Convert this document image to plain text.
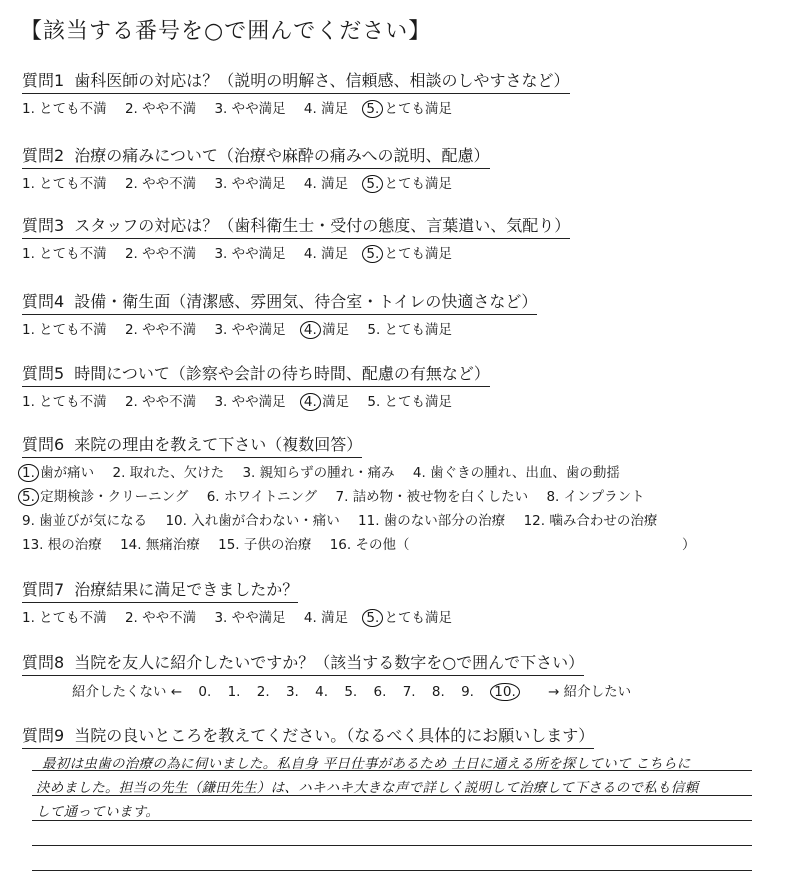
【該当する番号を○で囲んでください】
質問1 歯科医師の対応は？（説明の明解さ、信頼感、相談のしやすさなど）
1. とても不満 2. やや不満 3. やや満足 4. 満足 5. とても満足
質問2 治療の痛みについて（治療や麻酔の痛みへの説明、配慮）
1. とても不満 2. やや不満 3. やや満足 4. 満足 5. とても満足
質問3 スタッフの対応は？（歯科衛生士・受付の態度、言葉遣い、気配り）
1. とても不満 2. やや不満 3. やや満足 4. 満足 5. とても満足
質問4 設備・衛生面（清潔感、雰囲気、待合室・トイレの快適さなど）
1. とても不満 2. やや不満 3. やや満足 4. 満足 5. とても満足
質問5 時間について（診察や会計の待ち時間、配慮の有無など）
1. とても不満 2. やや不満 3. やや満足 4. 満足 5. とても満足
質問6 来院の理由を教えて下さい（複数回答）
1. 歯が痛い 2. 取れた、欠けた 3. 親知らずの腫れ・痛み 4. 歯ぐきの腫れ、出血、歯の動揺
5. 定期検診・クリーニング 6. ホワイトニング 7. 詰め物・被せ物を白くしたい 8. インプラント
9. 歯並びが気になる 10. 入れ歯が合わない・痛い 11. 歯のない部分の治療 12. 噛み合わせの治療
13. 根の治療 14. 無痛治療 15. 子供の治療 16. その他（	）
質問7 治療結果に満足できましたか？
1. とても不満 2. やや不満 3. やや満足 4. 満足 5. とても満足
質問8 当院を友人に紹介したいですか？（該当する数字を○で囲んで下さい）
紹介したくない ← 0. 1. 2. 3. 4. 5. 6. 7. 8. 9. 10. → 紹介したい
質問9 当院の良いところを教えてください。（なるべく具体的にお願いします）
最初は虫歯の治療の為に伺いました。私自身 平日仕事があるため 土日に通える所を探していて こちらに
決めました。担当の先生（鎌田先生）は、ハキハキ大きな声で詳しく説明して治療して下さるので私も信頼
して通っています。
